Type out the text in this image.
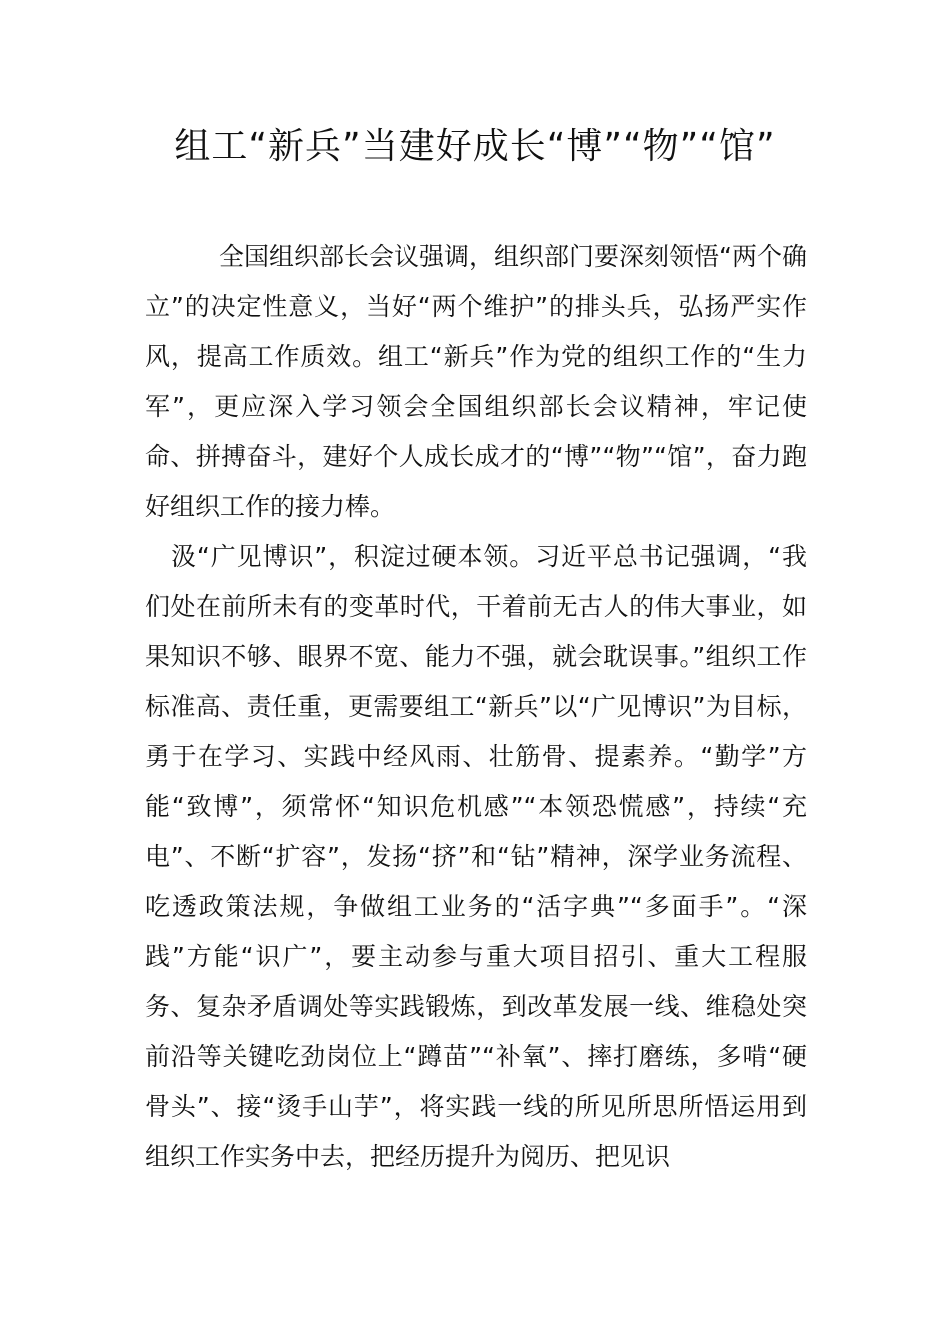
组工“新兵”当建好成长“博”“物”“馆”

全国组织部长会议强调，组织部门要深刻领悟“两个确立”的决定性意义，当好“两个维护”的排头兵，弘扬严实作风，提高工作质效。组工“新兵”作为党的组织工作的“生力军”，更应深入学习领会全国组织部长会议精神，牢记使命、拼搏奋斗，建好个人成长成才的“博”“物”“馆”，奋力跑好组织工作的接力棒。

汲“广见博识”，积淀过硬本领。习近平总书记强调，“我们处在前所未有的变革时代，干着前无古人的伟大事业，如果知识不够、眼界不宽、能力不强，就会耽误事。”组织工作标准高、责任重，更需要组工“新兵”以“广见博识”为目标，勇于在学习、实践中经风雨、壮筋骨、提素养。“勤学”方能“致博”，须常怀“知识危机感”“本领恐慌感”，持续“充电”、不断“扩容”，发扬“挤”和“钻”精神，深学业务流程、吃透政策法规，争做组工业务的“活字典”“多面手”。“深践”方能“识广”，要主动参与重大项目招引、重大工程服务、复杂矛盾调处等实践锻炼，到改革发展一线、维稳处突前沿等关键吃劲岗位上“蹲苗”“补氧”、摔打磨练，多啃“硬骨头”、接“烫手山芋”，将实践一线的所见所思所悟运用到组织工作实务中去，把经历提升为阅历、把见识
